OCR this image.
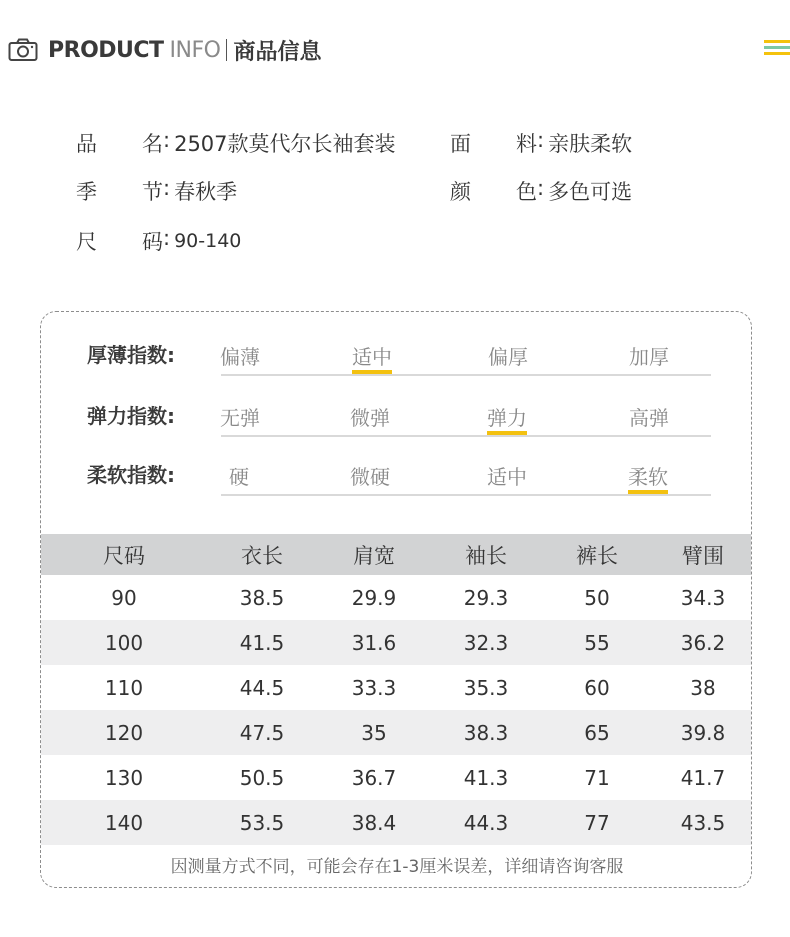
PRODUCT INFO 商品信息
品	名 : 2507款莫代尔长袖套装	面	料 : 亲肤柔软
季	节 : 春秋季	颜	色 : 多色可选
尺	码 : 90-140
厚薄指数: 偏薄	适中	偏厚	加厚
弹力指数: 无弹	微弹	弹力	高弹
柔软指数:	硬	微硬	适中	柔软
尺码	衣长	肩宽	袖长	裤长	臂围
90	38.5	29.9	29.3	50	34.3
100	41.5	31.6	32.3	55	36.2
110	44.5	33.3	35.3	60	38
120	47.5	35	38.3	65	39.8
130	50.5	36.7	41.3	71	41.7
140	53.5	38.4	44.3	77	43.5
因测量方式不同，可能会存在1-3厘米误差，详细请咨询客服
